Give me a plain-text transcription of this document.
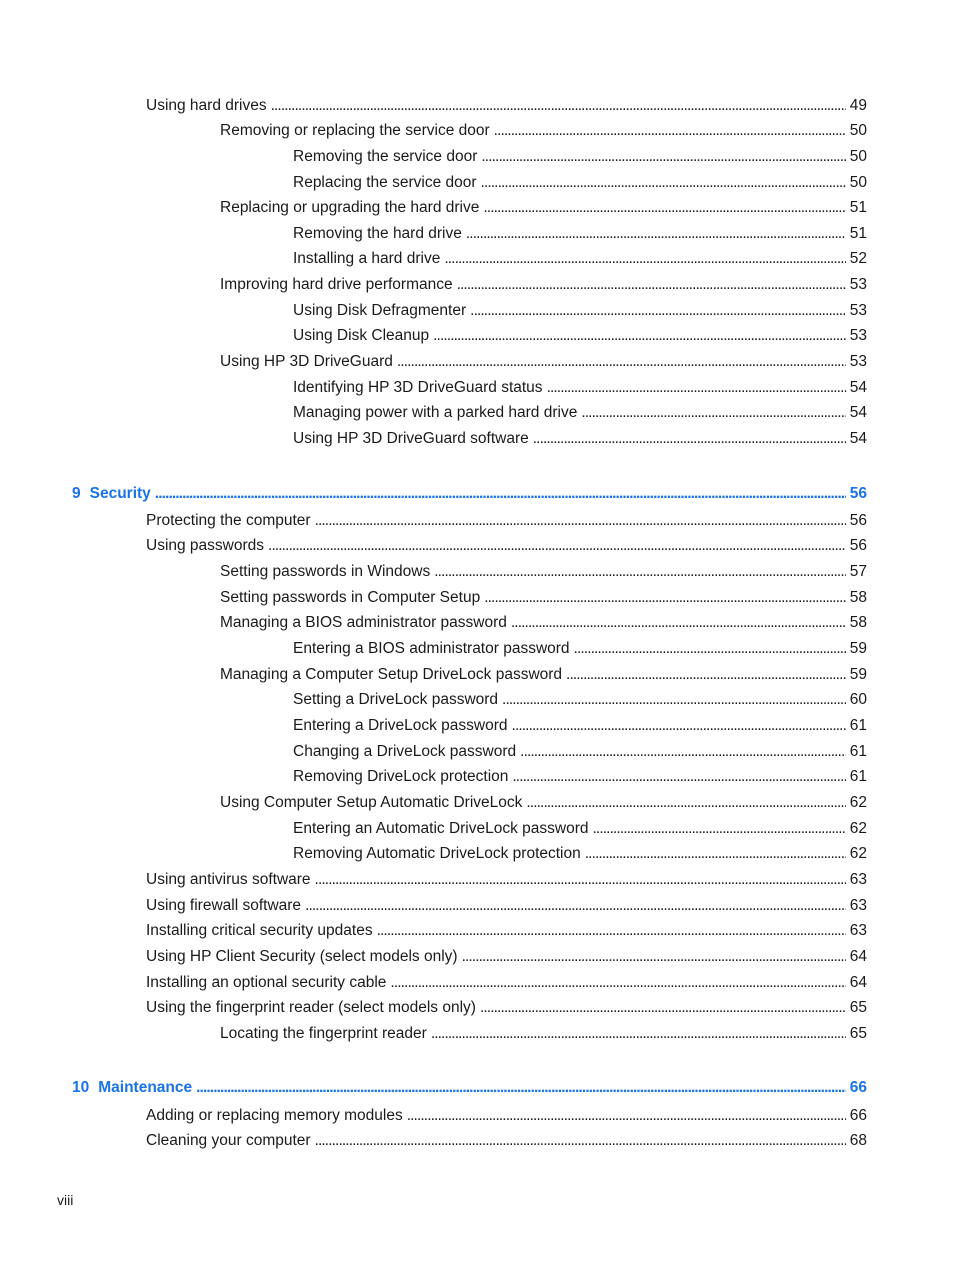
Using hard drives . . .	49
Removing or replacing the service door . . .	50
Removing the service door . . .	50
Replacing the service door . . .	50
Replacing or upgrading the hard drive . . .	51
Removing the hard drive . . .	51
Installing a hard drive . . .	52
Improving hard drive performance . . .	53
Using Disk Defragmenter . . .	53
Using Disk Cleanup . . .	53
Using HP 3D DriveGuard . . .	53
Identifying HP 3D DriveGuard status . . .	54
Managing power with a parked hard drive . . .	54
Using HP 3D DriveGuard software . . .	54
9 Security . . .	56
Protecting the computer . . .	56
Using passwords . . .	56
Setting passwords in Windows . . .	57
Setting passwords in Computer Setup . . .	58
Managing a BIOS administrator password . . .	58
Entering a BIOS administrator password . . .	59
Managing a Computer Setup DriveLock password . . .	59
Setting a DriveLock password . . .	60
Entering a DriveLock password . . .	61
Changing a DriveLock password . . .	61
Removing DriveLock protection . . .	61
Using Computer Setup Automatic DriveLock . . .	62
Entering an Automatic DriveLock password . . .	62
Removing Automatic DriveLock protection . . .	62
Using antivirus software . . .	63
Using firewall software . . .	63
Installing critical security updates . . .	63
Using HP Client Security (select models only) . . .	64
Installing an optional security cable . . .	64
Using the fingerprint reader (select models only) . . .	65
Locating the fingerprint reader . . .	65
10 Maintenance . . .	66
Adding or replacing memory modules . . .	66
Cleaning your computer . . .	68
viii
